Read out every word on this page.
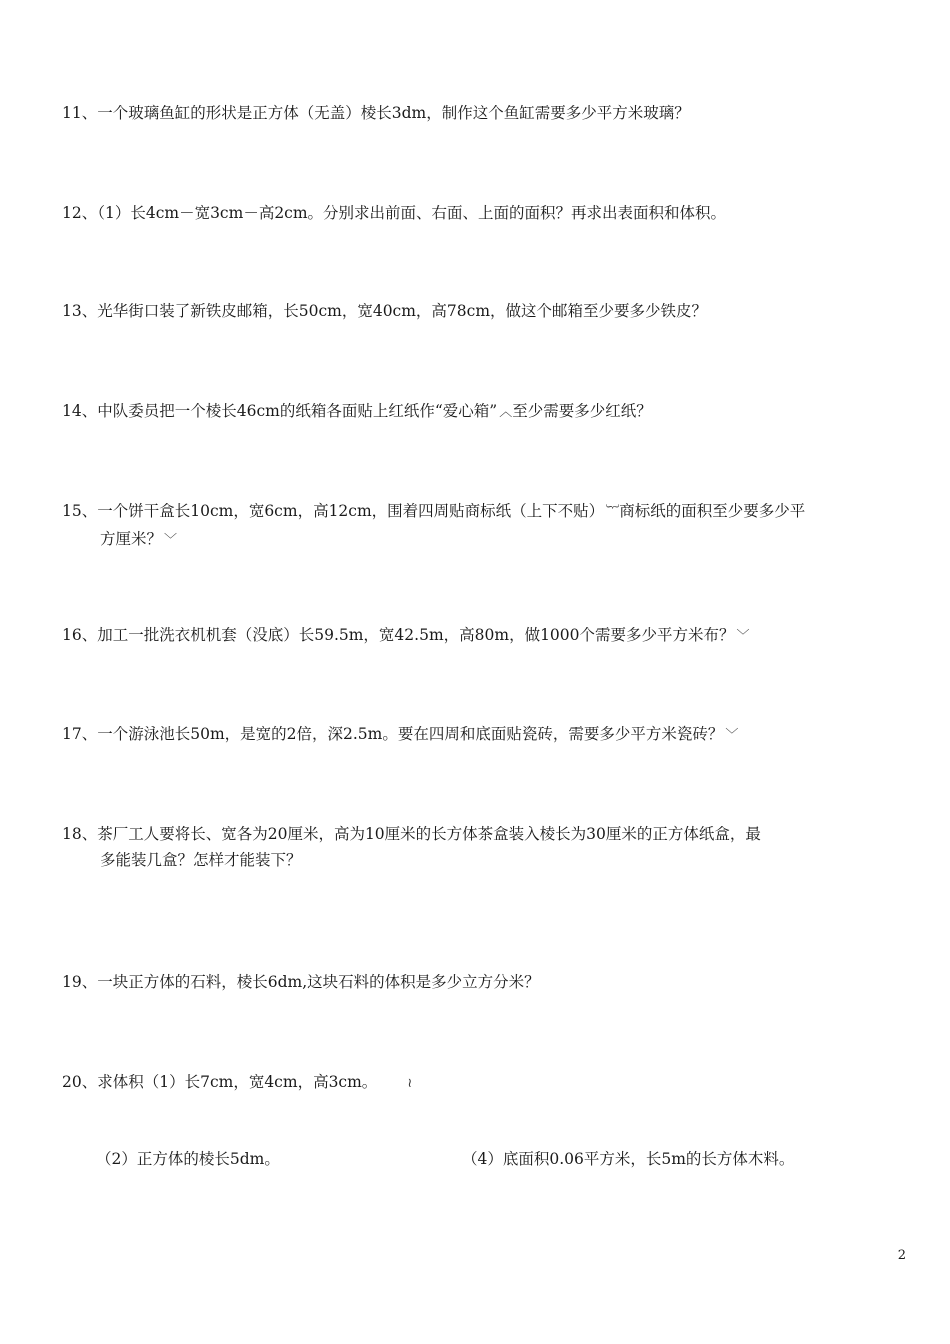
11、一个玻璃鱼缸的形状是正方体（无盖）棱长3dm，制作这个鱼缸需要多少平方米玻璃？
12、（1）长4cm－宽3cm－高2cm。分别求出前面、右面、上面的面积？再求出表面积和体积。
13、光华街口装了新铁皮邮箱，长50cm，宽40cm，高78cm，做这个邮箱至少要多少铁皮？
14、中队委员把一个棱长46cm的纸箱各面贴上红纸作“爱心箱” ︿至少需要多少红纸？
15、一个饼干盒长10cm，宽6cm，高12cm，围着四周贴商标纸（上下不贴） ︸商标纸的面积至少要多少平
方厘米？ ﹀
16、加工一批洗衣机机套（没底）长59.5m，宽42.5m，高80m，做1000个需要多少平方米布？ ﹀
17、一个游泳池长50m，是宽的2倍，深2.5m。要在四周和底面贴瓷砖，需要多少平方米瓷砖？ ﹀
18、茶厂工人要将长、宽各为20厘米，高为10厘米的长方体茶盒装入棱长为30厘米的正方体纸盒，最
多能装几盒？怎样才能装下？
19、一块正方体的石料，棱长6dm,这块石料的体积是多少立方分米？
20、求体积（1）长7cm，宽4cm，高3cm。 ≀
（2）正方体的棱长5dm。	（4）底面积0.06平方米，长5m的长方体木料。
2
